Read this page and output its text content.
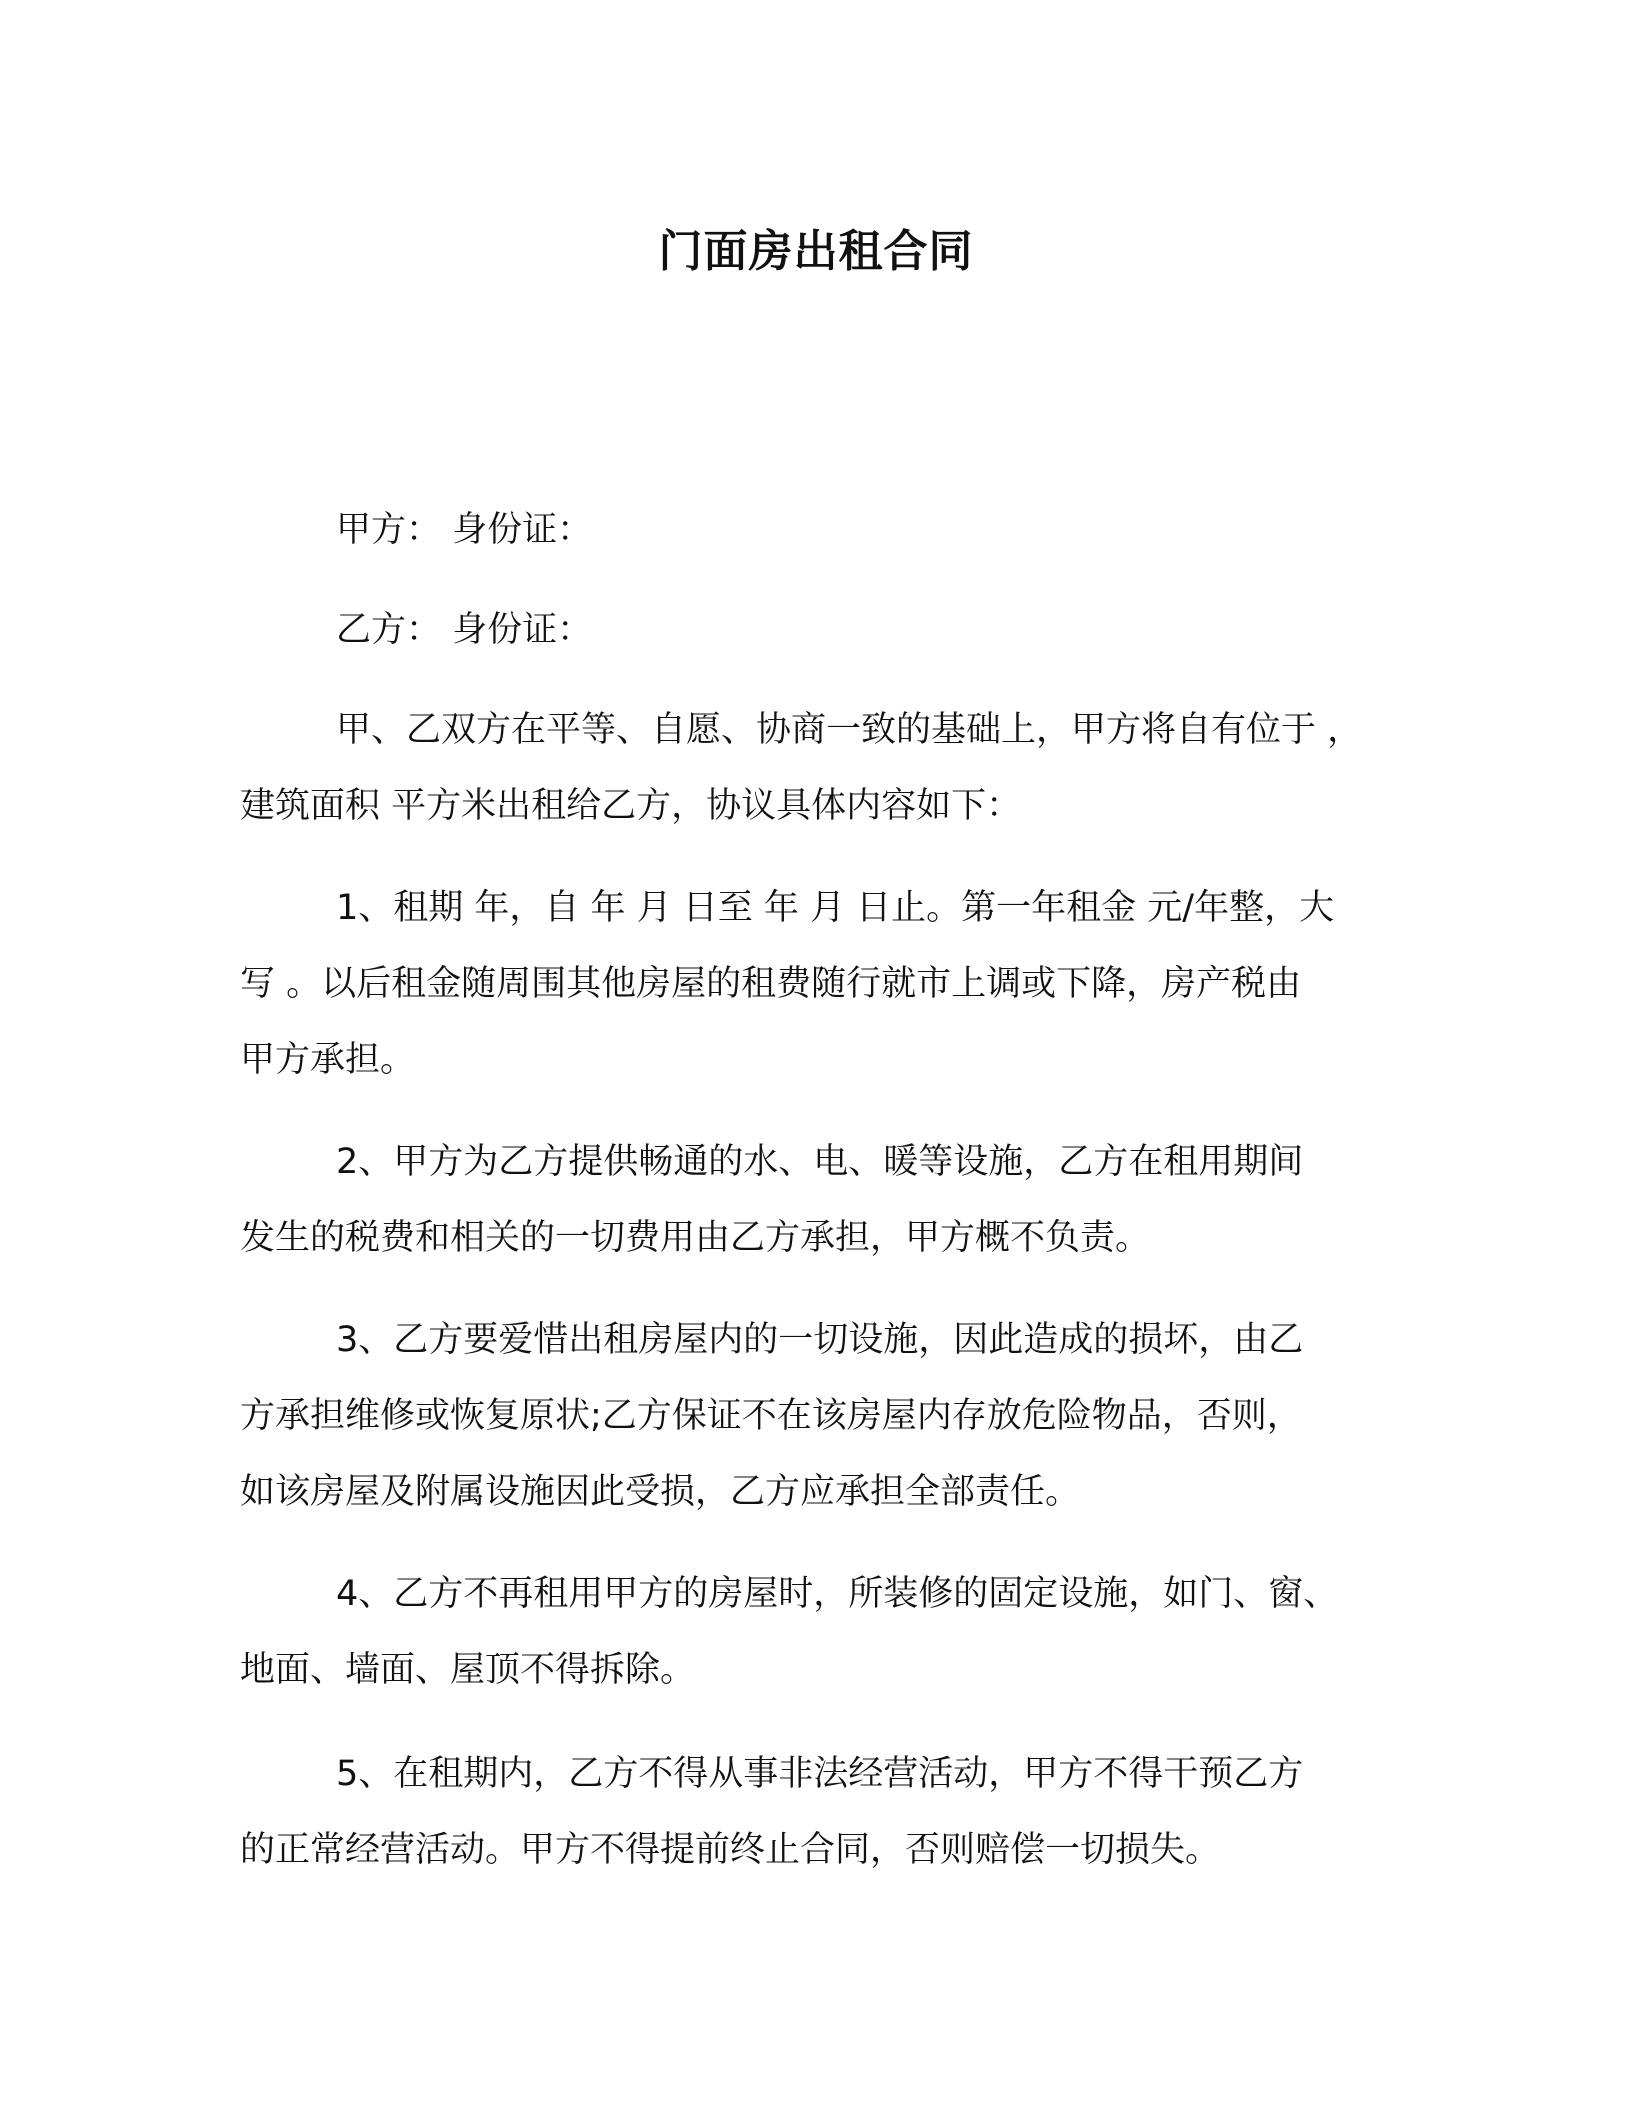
门面房出租合同

甲方： 身份证：

乙方： 身份证：

甲、乙双方在平等、自愿、协商一致的基础上，甲方将自有位于 ，
建筑面积 平方米出租给乙方，协议具体内容如下：

1、租期 年，自 年 月 日至 年 月 日止。第一年租金 元/年整，大
写 。以后租金随周围其他房屋的租费随行就市上调或下降，房产税由
甲方承担。

2、甲方为乙方提供畅通的水、电、暖等设施，乙方在租用期间
发生的税费和相关的一切费用由乙方承担，甲方概不负责。

3、乙方要爱惜出租房屋内的一切设施，因此造成的损坏，由乙
方承担维修或恢复原状;乙方保证不在该房屋内存放危险物品，否则，
如该房屋及附属设施因此受损，乙方应承担全部责任。

4、乙方不再租用甲方的房屋时，所装修的固定设施，如门、窗、
地面、墙面、屋顶不得拆除。

5、在租期内，乙方不得从事非法经营活动，甲方不得干预乙方
的正常经营活动。甲方不得提前终止合同，否则赔偿一切损失。
